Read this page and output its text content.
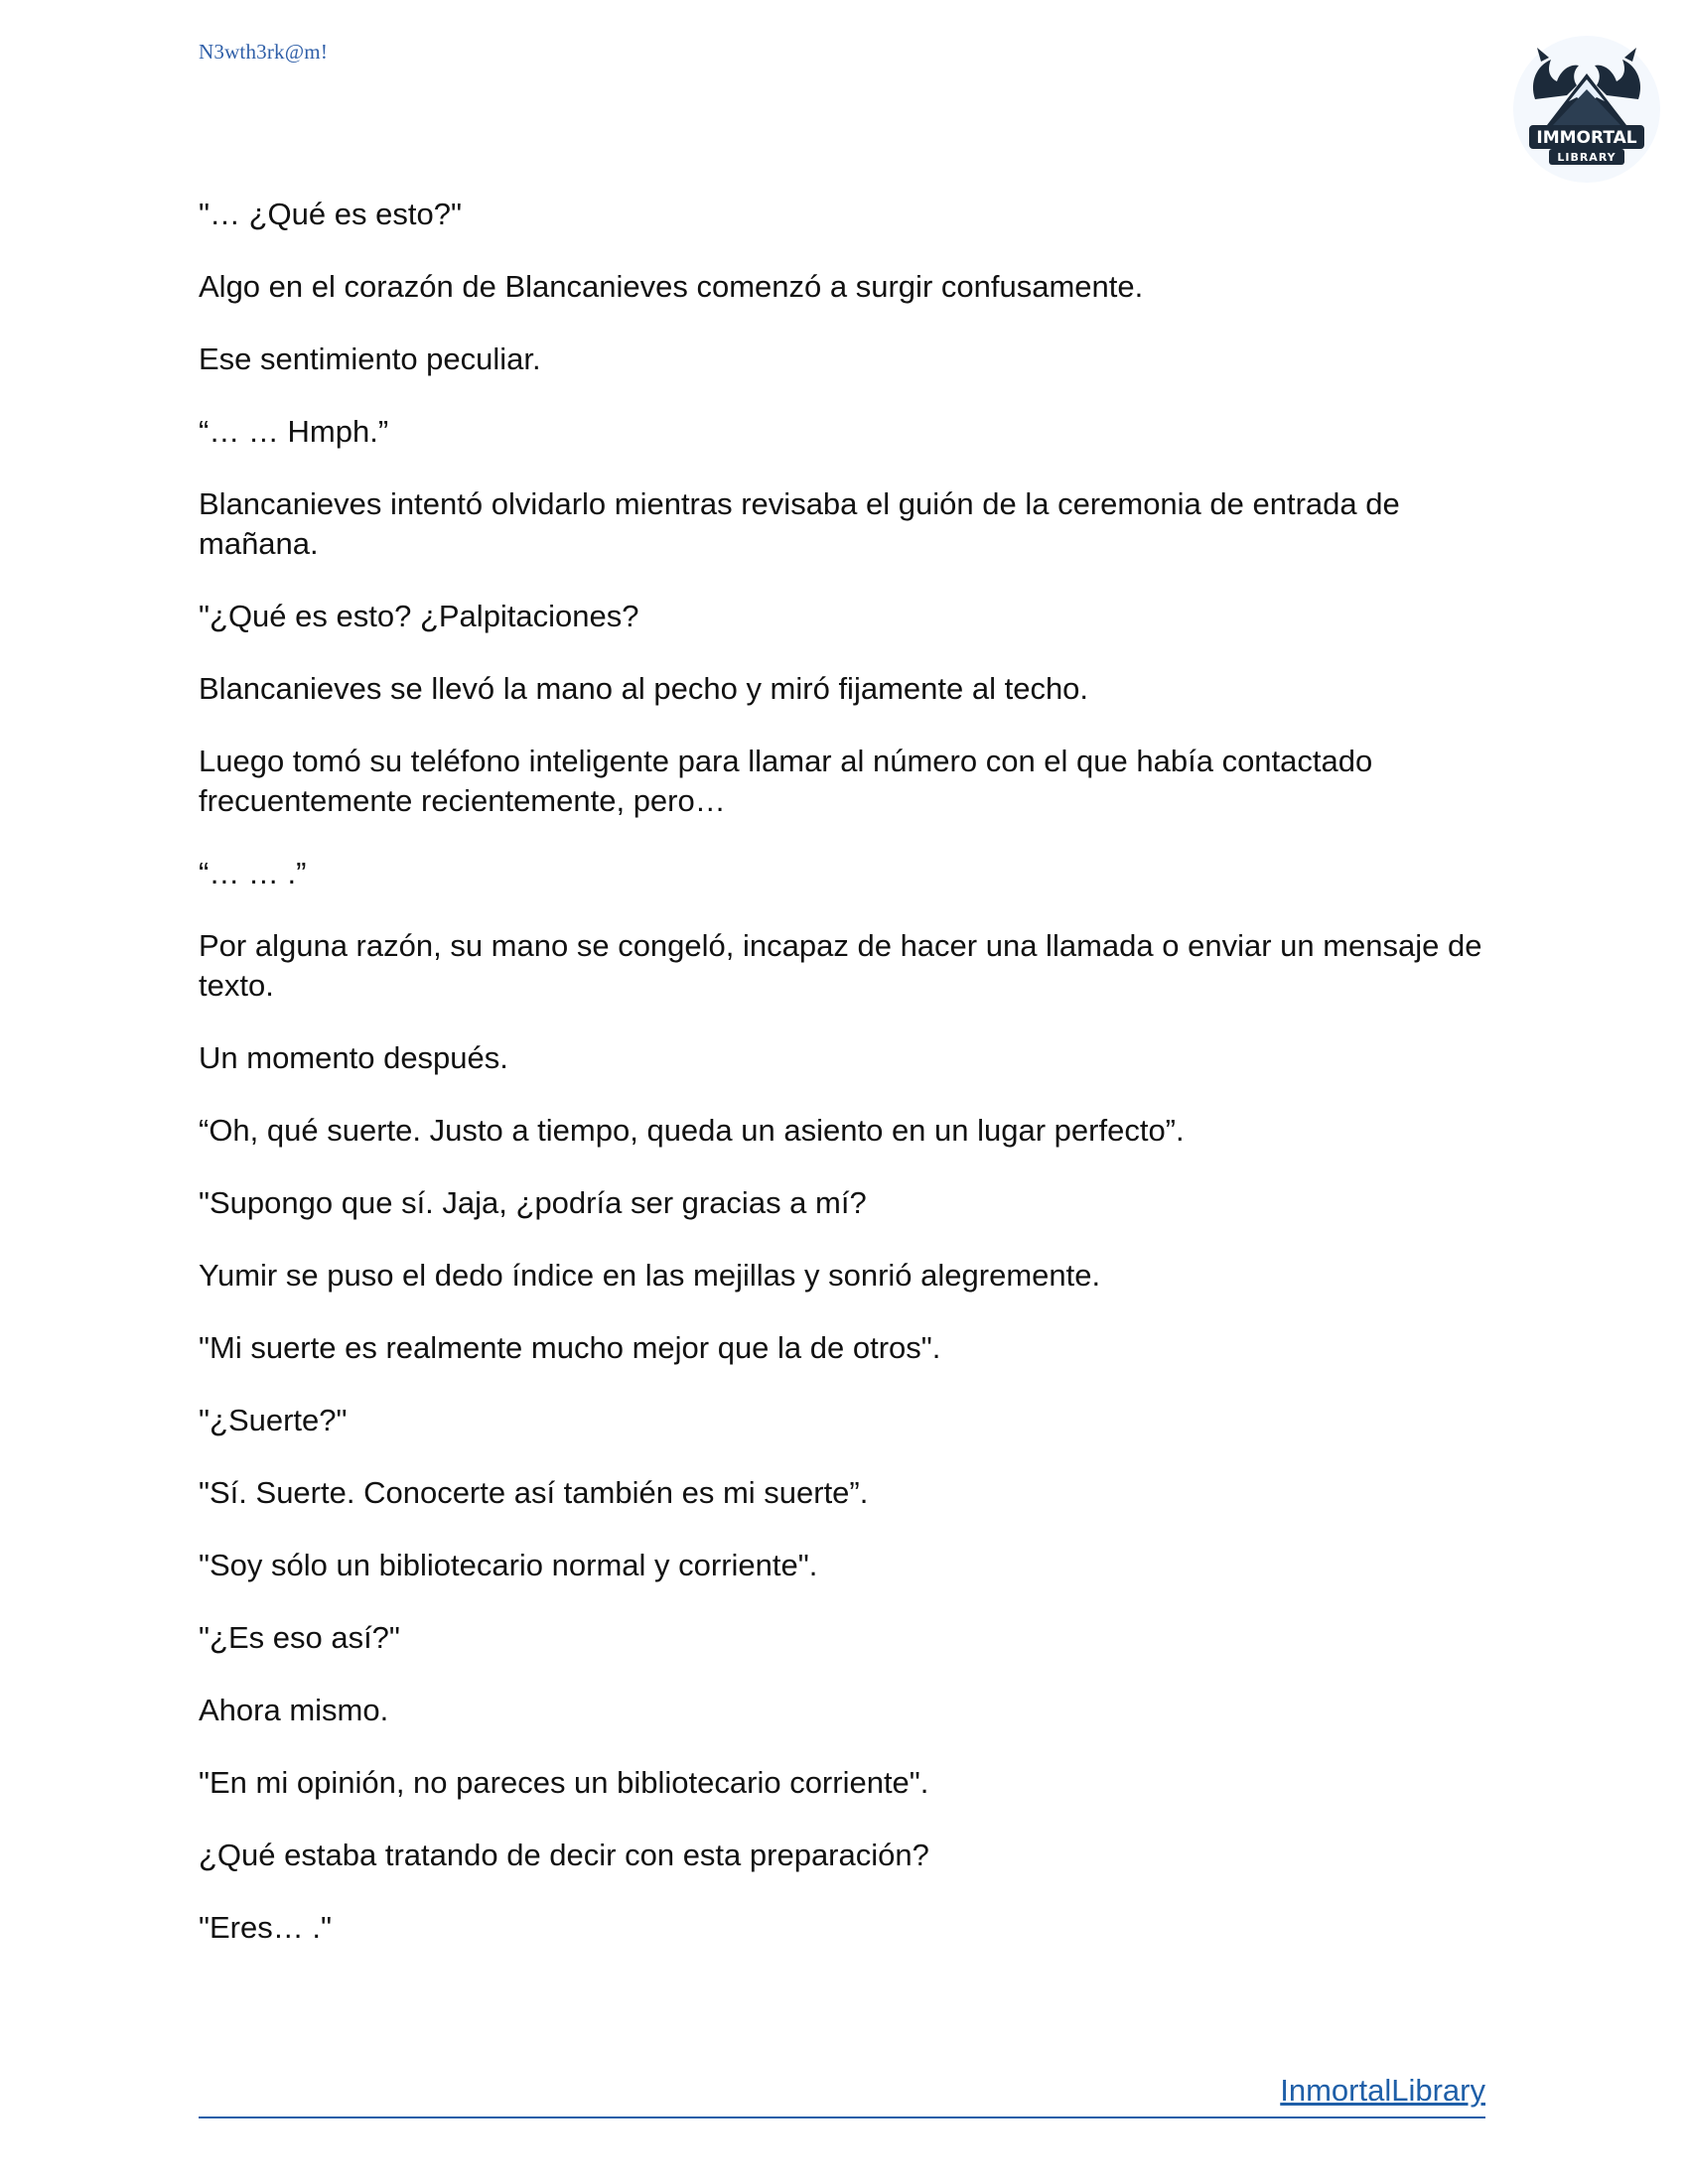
N3wth3rk@m!
IMMORTAL
LIBRARY

"… ¿Qué es esto?"

Algo en el corazón de Blancanieves comenzó a surgir confusamente.

Ese sentimiento peculiar.

“… … Hmph.”

Blancanieves intentó olvidarlo mientras revisaba el guión de la ceremonia de entrada de mañana.

"¿Qué es esto? ¿Palpitaciones?

Blancanieves se llevó la mano al pecho y miró fijamente al techo.

Luego tomó su teléfono inteligente para llamar al número con el que había contactado frecuentemente recientemente, pero…

“… … .”

Por alguna razón, su mano se congeló, incapaz de hacer una llamada o enviar un mensaje de texto.

Un momento después.

“Oh, qué suerte. Justo a tiempo, queda un asiento en un lugar perfecto”.

"Supongo que sí. Jaja, ¿podría ser gracias a mí?

Yumir se puso el dedo índice en las mejillas y sonrió alegremente.

"Mi suerte es realmente mucho mejor que la de otros".

"¿Suerte?"

"Sí. Suerte. Conocerte así también es mi suerte”.

"Soy sólo un bibliotecario normal y corriente".

"¿Es eso así?"

Ahora mismo.

"En mi opinión, no pareces un bibliotecario corriente".

¿Qué estaba tratando de decir con esta preparación?

"Eres… ."

InmortalLibrary
